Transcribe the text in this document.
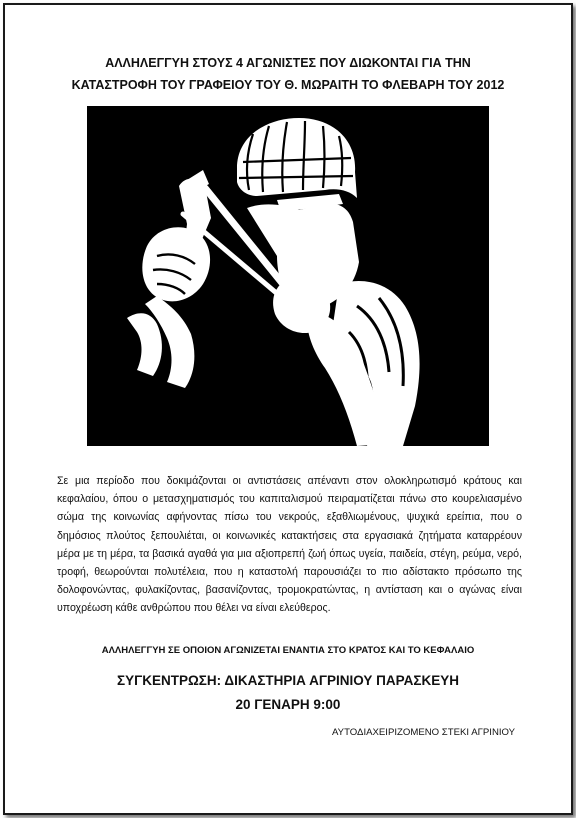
ΑΛΛΗΛΕΓΓΥΗ ΣΤΟΥΣ 4 ΑΓΩΝΙΣΤΕΣ ΠΟΥ ΔΙΩΚΟΝΤΑΙ ΓΙΑ ΤΗΝ
ΚΑΤΑΣΤΡΟΦΗ ΤΟΥ ΓΡΑΦΕΙΟΥ ΤΟΥ Θ. ΜΩΡΑΙΤΗ ΤΟ ΦΛΕΒΑΡΗ ΤΟΥ 2012

Σε μια περίοδο που δοκιμάζονται οι αντιστάσεις απέναντι στον ολοκληρωτισμό κράτους και κεφαλαίου, όπου ο μετασχηματισμός του καπιταλισμού πειραματίζεται πάνω στο κουρελιασμένο σώμα της κοινωνίας αφήνοντας πίσω του νεκρούς, εξαθλιωμένους, ψυχικά ερείπια, που ο δημόσιος πλούτος ξεπουλιέται, οι κοινωνικές κατακτήσεις στα εργασιακά ζητήματα καταρρέουν μέρα με τη μέρα, τα βασικά αγαθά για μια αξιοπρεπή ζωή όπως υγεία, παιδεία, στέγη, ρεύμα, νερό, τροφή, θεωρούνται πολυτέλεια, που η καταστολή παρουσιάζει το πιο αδίστακτο πρόσωπο της δολοφονώντας, φυλακίζοντας, βασανίζοντας, τρομοκρατώντας, η αντίσταση και ο αγώνας είναι υποχρέωση κάθε ανθρώπου που θέλει να είναι ελεύθερος.

ΑΛΛΗΛΕΓΓΥΗ ΣΕ ΟΠΟΙΟΝ ΑΓΩΝΙΖΕΤΑΙ ΕΝΑΝΤΙΑ ΣΤΟ ΚΡΑΤΟΣ ΚΑΙ ΤΟ ΚΕΦΑΛΑΙΟ

ΣΥΓΚΕΝΤΡΩΣΗ: ΔΙΚΑΣΤΗΡΙΑ ΑΓΡΙΝΙΟΥ ΠΑΡΑΣΚΕΥΗ

20 ΓΕΝΑΡΗ 9:00

ΑΥΤΟΔΙΑΧΕΙΡΙΖΟΜΕΝΟ ΣΤΕΚΙ ΑΓΡΙΝΙΟΥ
